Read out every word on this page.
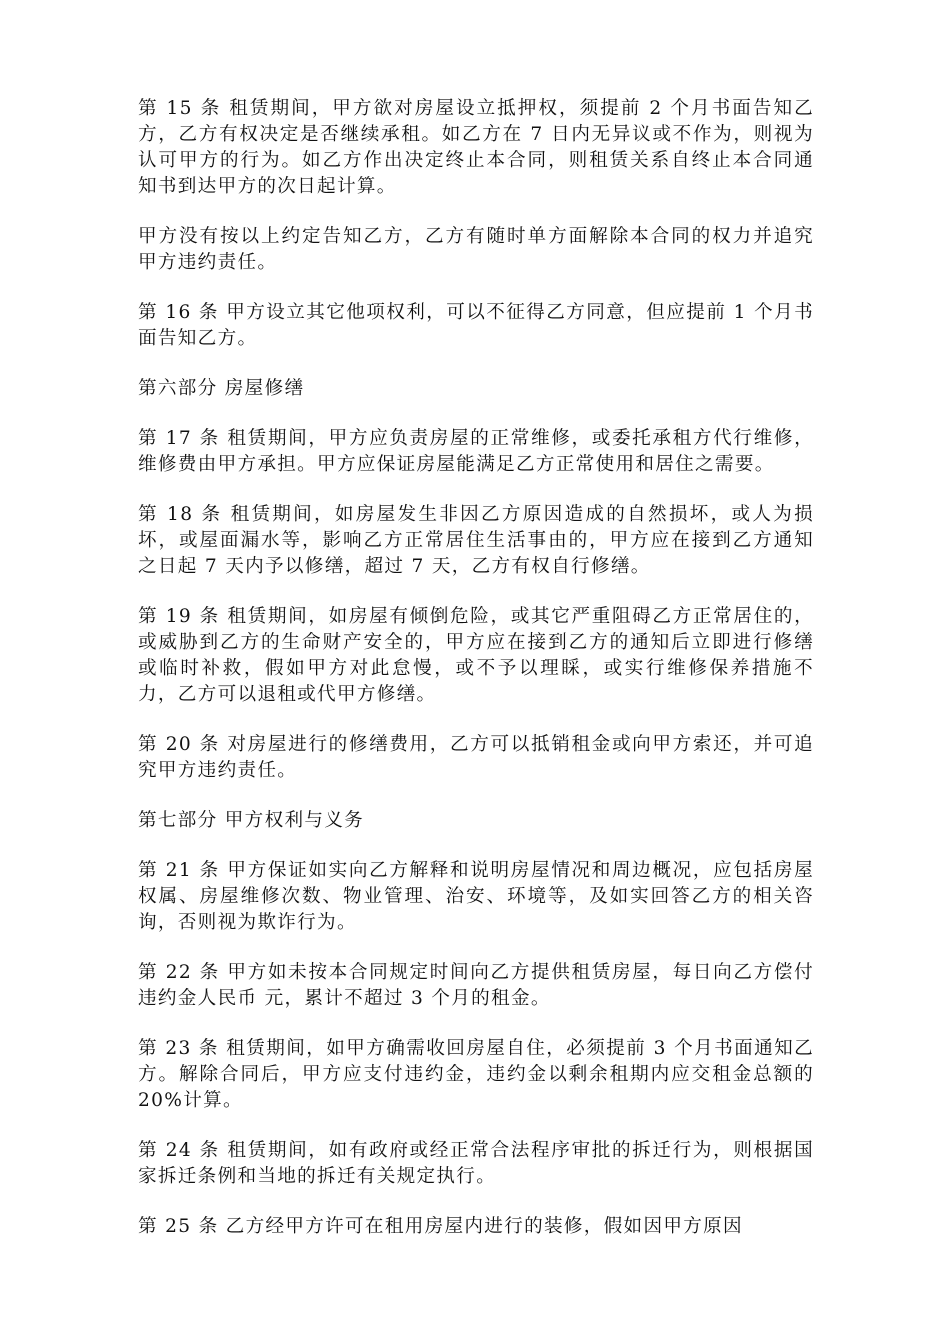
第 15 条 租赁期间，甲方欲对房屋设立抵押权，须提前 2 个月书面告知乙方，乙方有权决定是否继续承租。如乙方在 7 日内无异议或不作为，则视为认可甲方的行为。如乙方作出决定终止本合同，则租赁关系自终止本合同通知书到达甲方的次日起计算。

甲方没有按以上约定告知乙方，乙方有随时单方面解除本合同的权力并追究甲方违约责任。

第 16 条 甲方设立其它他项权利，可以不征得乙方同意，但应提前 1 个月书面告知乙方。

第六部分 房屋修缮

第 17 条 租赁期间，甲方应负责房屋的正常维修，或委托承租方代行维修，维修费由甲方承担。甲方应保证房屋能满足乙方正常使用和居住之需要。

第 18 条 租赁期间，如房屋发生非因乙方原因造成的自然损坏，或人为损坏，或屋面漏水等，影响乙方正常居住生活事由的，甲方应在接到乙方通知之日起 7 天内予以修缮，超过 7 天，乙方有权自行修缮。

第 19 条 租赁期间，如房屋有倾倒危险，或其它严重阻碍乙方正常居住的，或威胁到乙方的生命财产安全的，甲方应在接到乙方的通知后立即进行修缮或临时补救，假如甲方对此怠慢，或不予以理睬，或实行维修保养措施不力，乙方可以退租或代甲方修缮。

第 20 条 对房屋进行的修缮费用，乙方可以抵销租金或向甲方索还，并可追究甲方违约责任。

第七部分 甲方权利与义务

第 21 条 甲方保证如实向乙方解释和说明房屋情况和周边概况，应包括房屋权属、房屋维修次数、物业管理、治安、环境等，及如实回答乙方的相关咨询，否则视为欺诈行为。

第 22 条 甲方如未按本合同规定时间向乙方提供租赁房屋，每日向乙方偿付违约金人民币 元，累计不超过 3 个月的租金。

第 23 条 租赁期间，如甲方确需收回房屋自住，必须提前 3 个月书面通知乙方。解除合同后，甲方应支付违约金，违约金以剩余租期内应交租金总额的 20%计算。

第 24 条 租赁期间，如有政府或经正常合法程序审批的拆迁行为，则根据国家拆迁条例和当地的拆迁有关规定执行。

第 25 条 乙方经甲方许可在租用房屋内进行的装修，假如因甲方原因
